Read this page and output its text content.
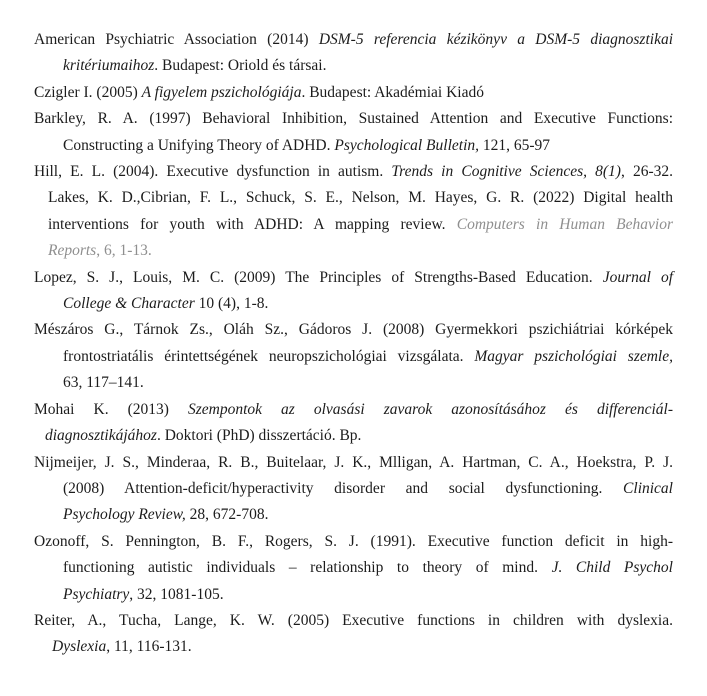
American Psychiatric Association (2014) DSM-5 referencia kézikönyv a DSM-5 diagnosztikai
kritériumaihoz. Budapest: Oriold és társai.
Czigler I. (2005) A figyelem pszichológiája. Budapest: Akadémiai Kiadó
Barkley, R. A. (1997) Behavioral Inhibition, Sustained Attention and Executive Functions:
Constructing a Unifying Theory of ADHD. Psychological Bulletin, 121, 65-97
Hill, E. L. (2004). Executive dysfunction in autism. Trends in Cognitive Sciences, 8(1), 26-32.
Lakes, K. D.,Cibrian, F. L., Schuck, S. E., Nelson, M. Hayes, G. R. (2022) Digital health
interventions for youth with ADHD: A mapping review. Computers in Human Behavior
Reports, 6, 1-13.
Lopez, S. J., Louis, M. C. (2009) The Principles of Strengths-Based Education. Journal of
College & Character 10 (4), 1-8.
Mészáros G., Tárnok Zs., Oláh Sz., Gádoros J. (2008) Gyermekkori pszichiátriai kórképek
frontostriatális érintettségének neuropszichológiai vizsgálata. Magyar pszichológiai szemle,
63, 117–141.
Mohai K. (2013) Szempontok az olvasási zavarok azonosításához és differenciál-
diagnosztikájához. Doktori (PhD) disszertáció. Bp.
Nijmeijer, J. S., Minderaa, R. B., Buitelaar, J. K., Mlligan, A. Hartman, C. A., Hoekstra, P. J.
(2008) Attention-deficit/hyperactivity disorder and social dysfunctioning. Clinical
Psychology Review, 28, 672-708.
Ozonoff, S. Pennington, B. F., Rogers, S. J. (1991). Executive function deficit in high-
functioning autistic individuals – relationship to theory of mind. J. Child Psychol
Psychiatry, 32, 1081-105.
Reiter, A., Tucha, Lange, K. W. (2005) Executive functions in children with dyslexia.
Dyslexia, 11, 116-131.
